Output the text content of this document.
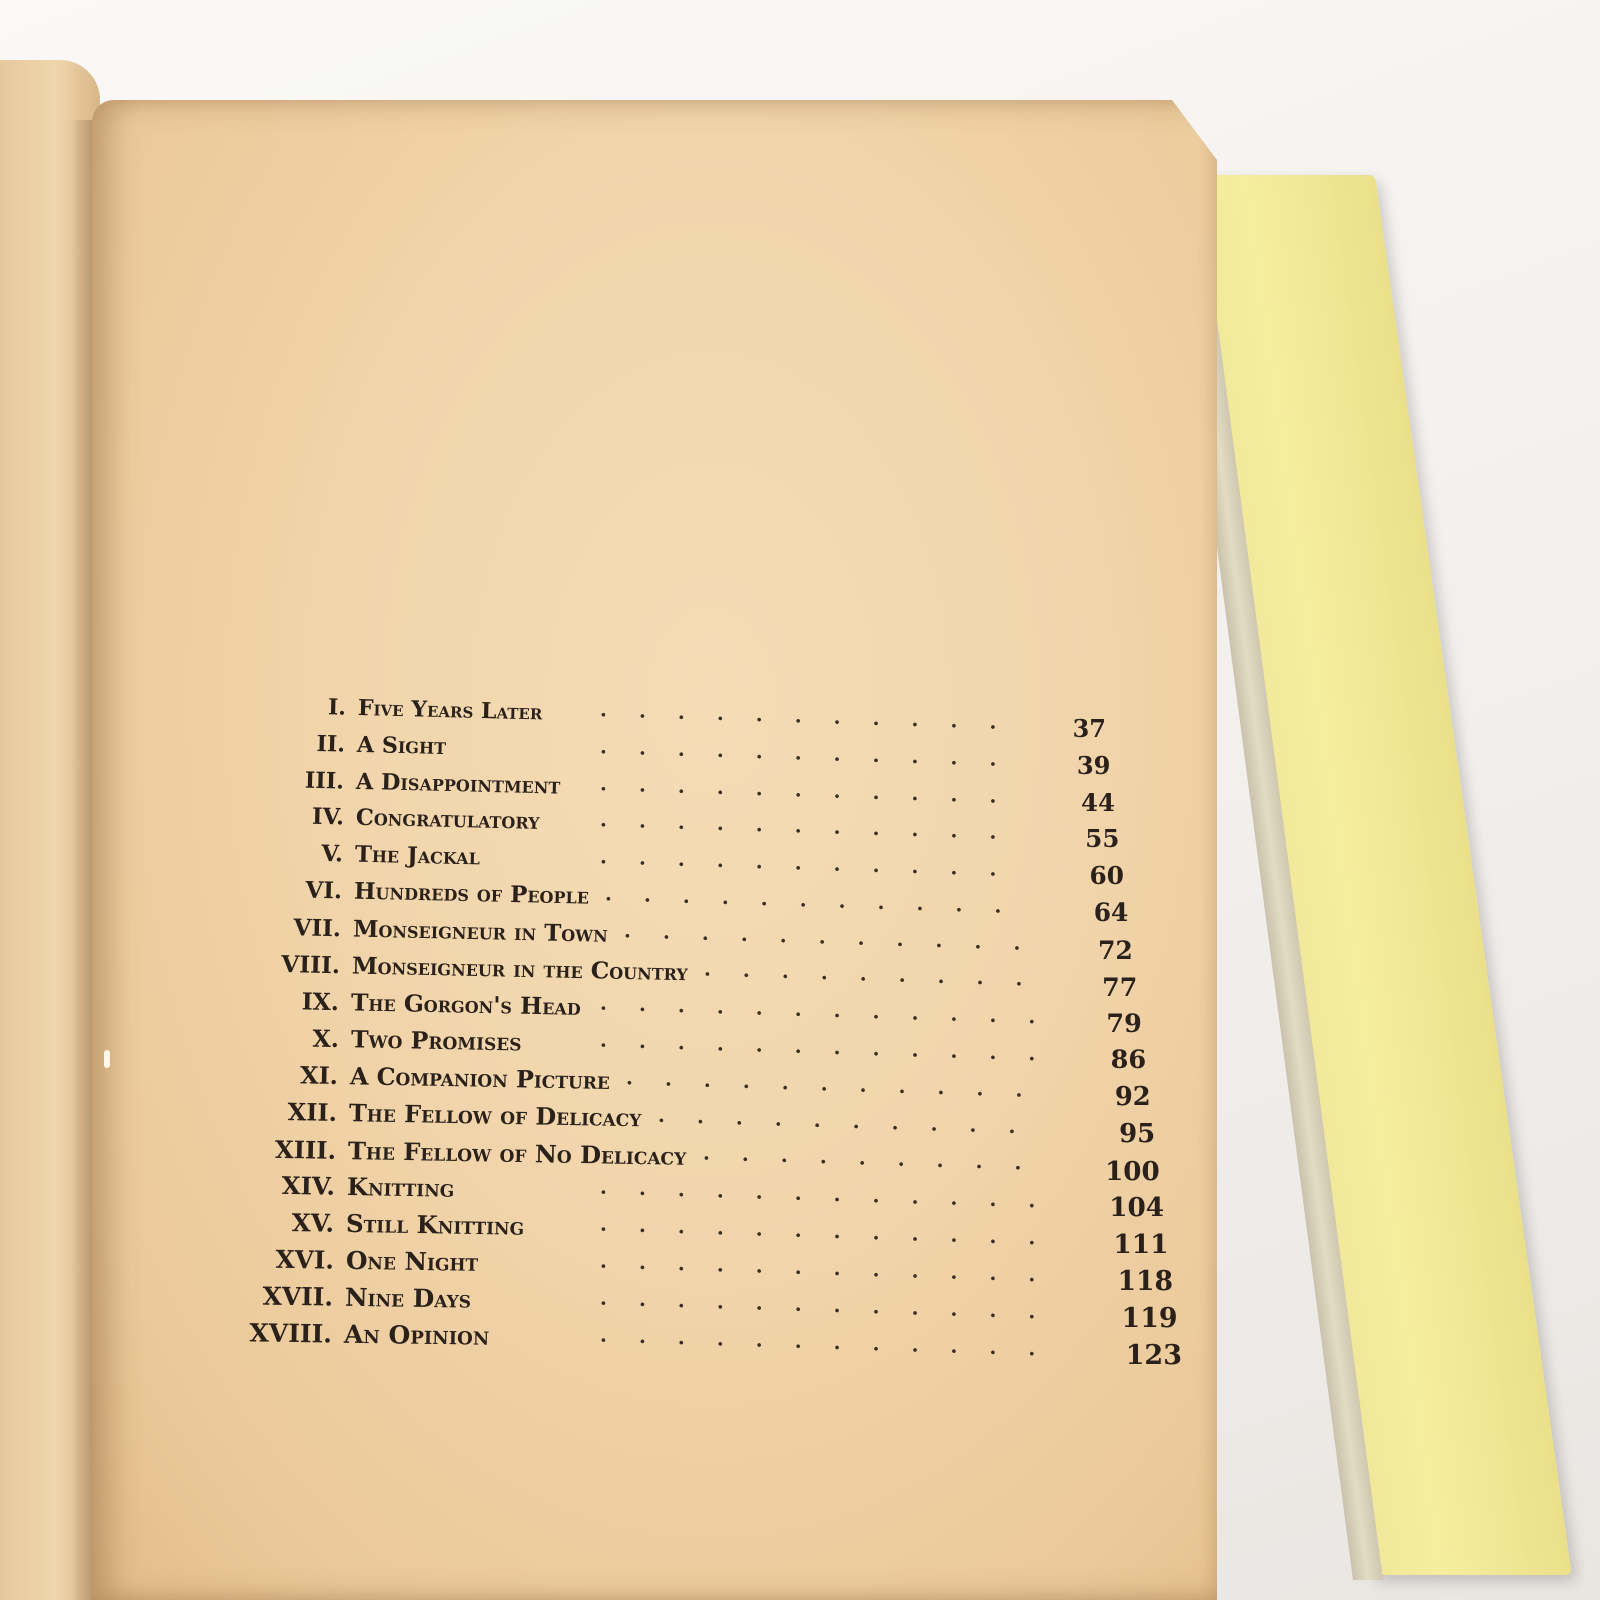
I. Five Years Later	...........	37
II. A Sight	...........	39
III. A Disappointment ...........	44
IV. Congratulatory	...........	55
V. The Jackal	...........	60
VI. Hundreds of People ...........	64
VII. Monseigneur in Town ...........	72
VIII. Monseigneur in the Country .........	77
IX. The Gorgon's Head ............	79
X. Two Promises	............	86
XI. A Companion Picture ...........	92
XII. The Fellow of Delicacy ..........	95
XIII. The Fellow of No Delicacy .........	100
XIV. Knitting	............	104
XV. Still Knitting	............	111
XVI. One Night	............	118
XVII. Nine Days	............	119
XVIII. An Opinion	............	123
